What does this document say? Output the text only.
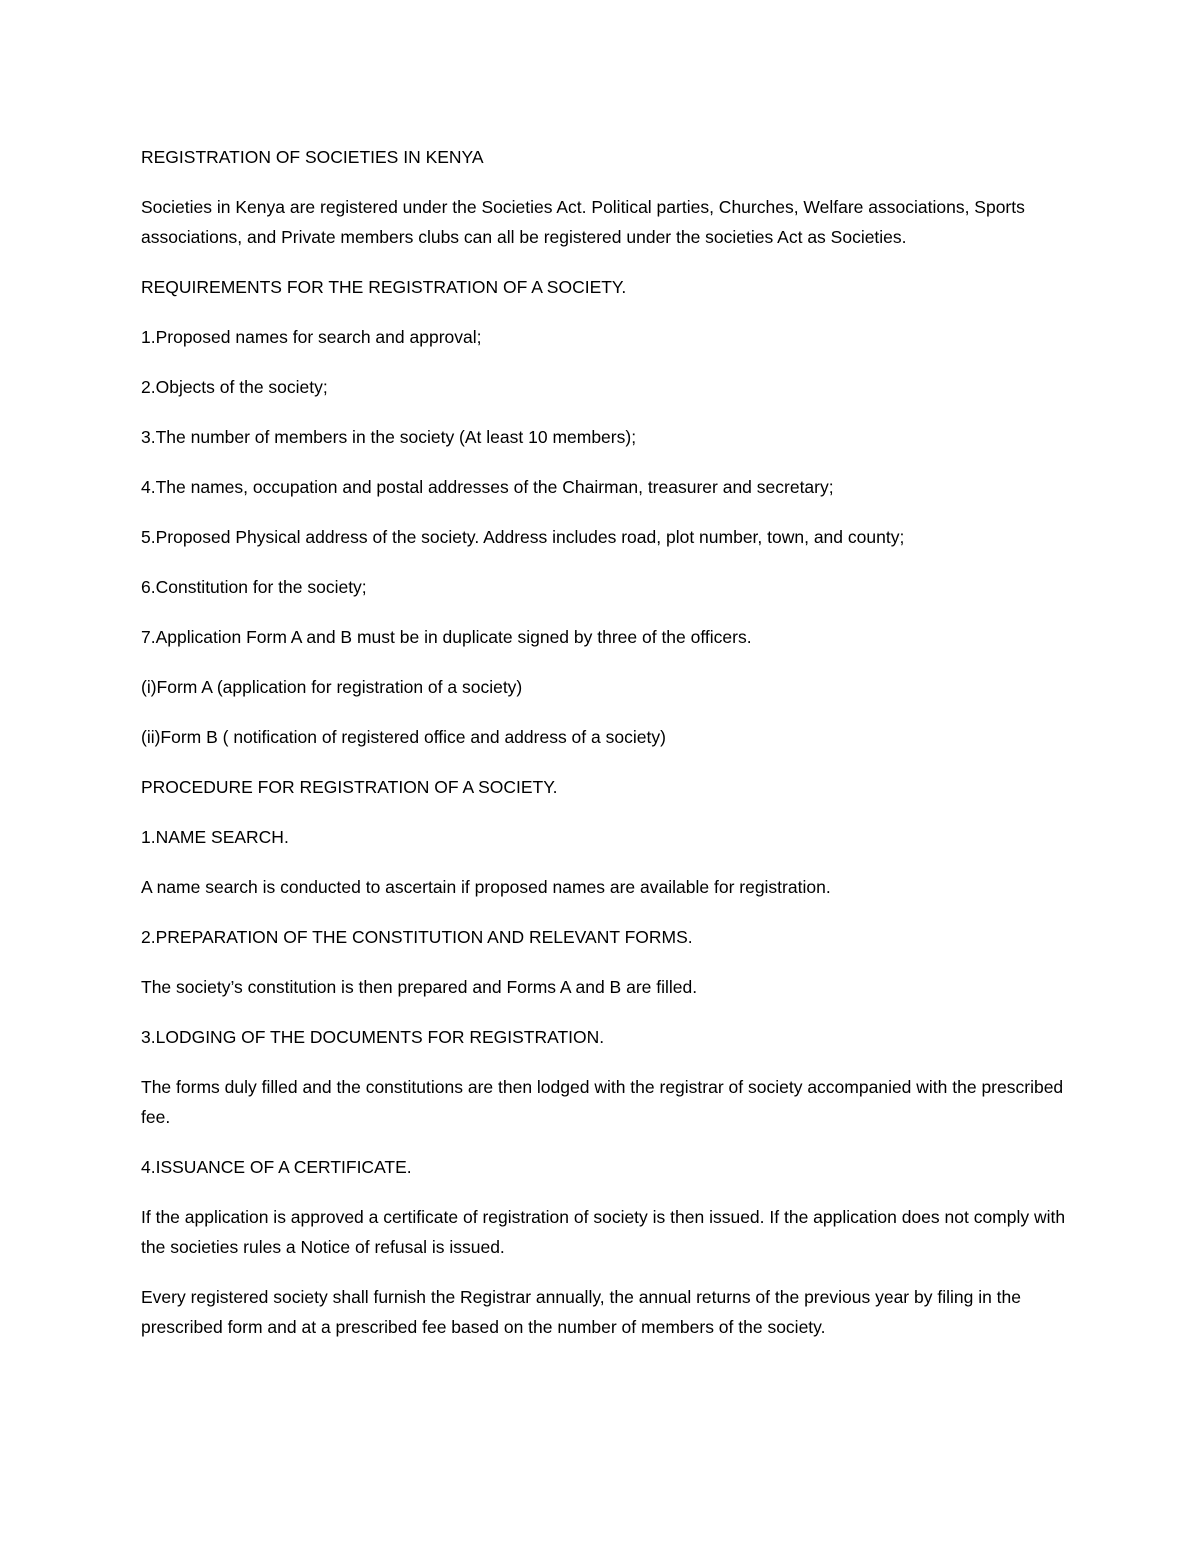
REGISTRATION OF SOCIETIES IN KENYA

Societies in Kenya are registered under the Societies Act. Political parties, Churches, Welfare associations, Sports associations, and Private members clubs can all be registered under the societies Act as Societies.

REQUIREMENTS FOR THE REGISTRATION OF A SOCIETY.

1.Proposed names for search and approval;

2.Objects of the society;

3.The number of members in the society (At least 10 members);

4.The names, occupation and postal addresses of the Chairman, treasurer and secretary;

5.Proposed Physical address of the society. Address includes road, plot number, town, and county;

6.Constitution for the society;

7.Application Form A and B must be in duplicate signed by three of the officers.

(i)Form A (application for registration of a society)

(ii)Form B ( notification of registered office and address of a society)

PROCEDURE FOR REGISTRATION OF A SOCIETY.

1.NAME SEARCH.

A name search is conducted to ascertain if proposed names are available for registration.

2.PREPARATION OF THE CONSTITUTION AND RELEVANT FORMS.

The society’s constitution is then prepared and Forms A and B are filled.

3.LODGING OF THE DOCUMENTS FOR REGISTRATION.

The forms duly filled and the constitutions are then lodged with the registrar of society accompanied with the prescribed fee.

4.ISSUANCE OF A CERTIFICATE.

If the application is approved a certificate of registration of society is then issued. If the application does not comply with the societies rules a Notice of refusal is issued.

Every registered society shall furnish the Registrar annually, the annual returns of the previous year by filing in the prescribed form and at a prescribed fee based on the number of members of the society.
